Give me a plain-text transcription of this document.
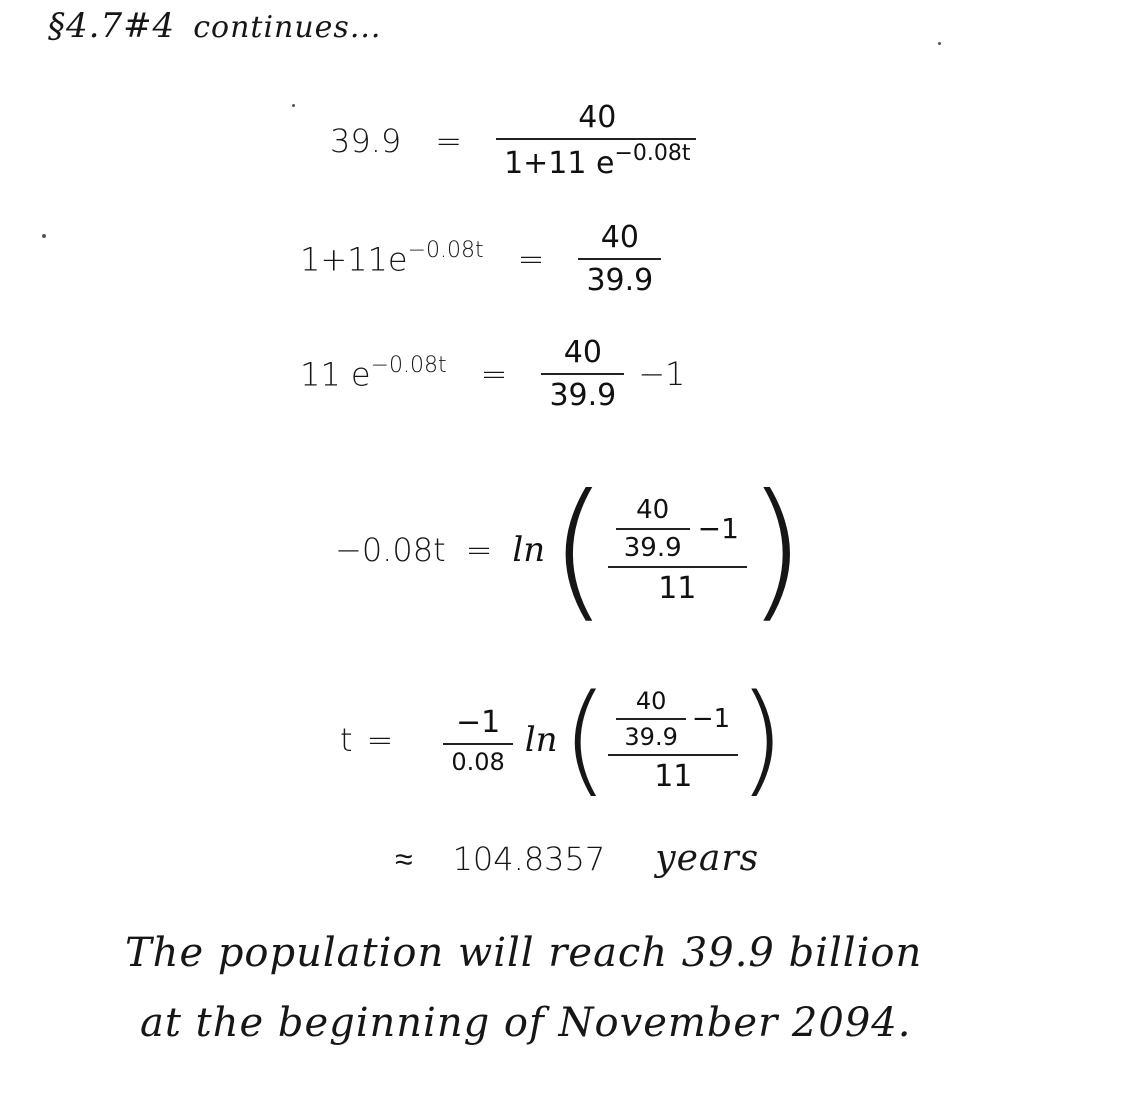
§4.7#4 continues...
$39.9 = \frac{40}{1+11 e^{-0.08t}}$
$1+11e^{-0.08t} = \frac{40}{39.9}$
11 $e^{-0.08t} = \frac{40}{39.9} -1$
−0.08t = ln ( $\frac{\frac{40}{39.9} -1}{11}$ )
$t = \frac{-1}{0.08}$ ln ( $\frac{\frac{40}{39.9} -1}{11}$ )
≈ 104.8357 years
The population will reach 39.9 billion
at the beginning of November 2094.
